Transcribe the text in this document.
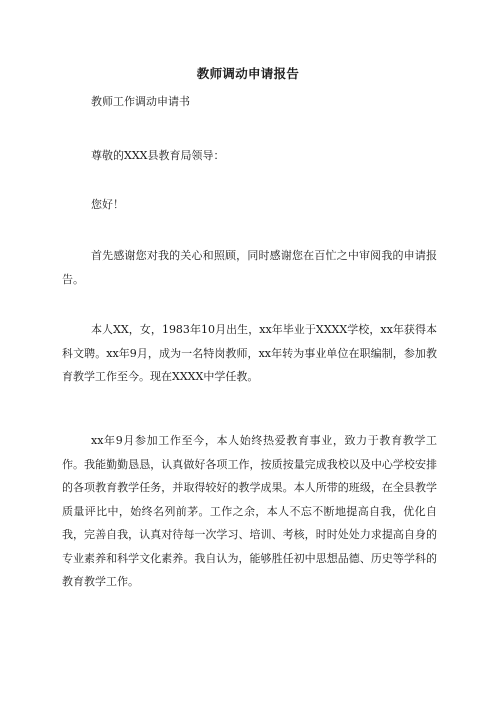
教师调动申请报告
教师工作调动申请书
尊敬的XXX县教育局领导：
您好！
首先感谢您对我的关心和照顾，同时感谢您在百忙之中审阅我的申请报告。
本人XX，女，1983年10月出生，xx年毕业于XXXX学校，xx年获得本科文聘。xx年9月，成为一名特岗教师，xx年转为事业单位在职编制，参加教育教学工作至今。现在XXXX中学任教。
xx年9月参加工作至今，本人始终热爱教育事业，致力于教育教学工作。我能勤勤恳恳，认真做好各项工作，按质按量完成我校以及中心学校安排的各项教育教学任务，并取得较好的教学成果。本人所带的班级，在全县教学质量评比中，始终名列前茅。工作之余，本人不忘不断地提高自我，优化自我，完善自我，认真对待每一次学习、培训、考核，时时处处力求提高自身的专业素养和科学文化素养。我自认为，能够胜任初中思想品德、历史等学科的教育教学工作。
